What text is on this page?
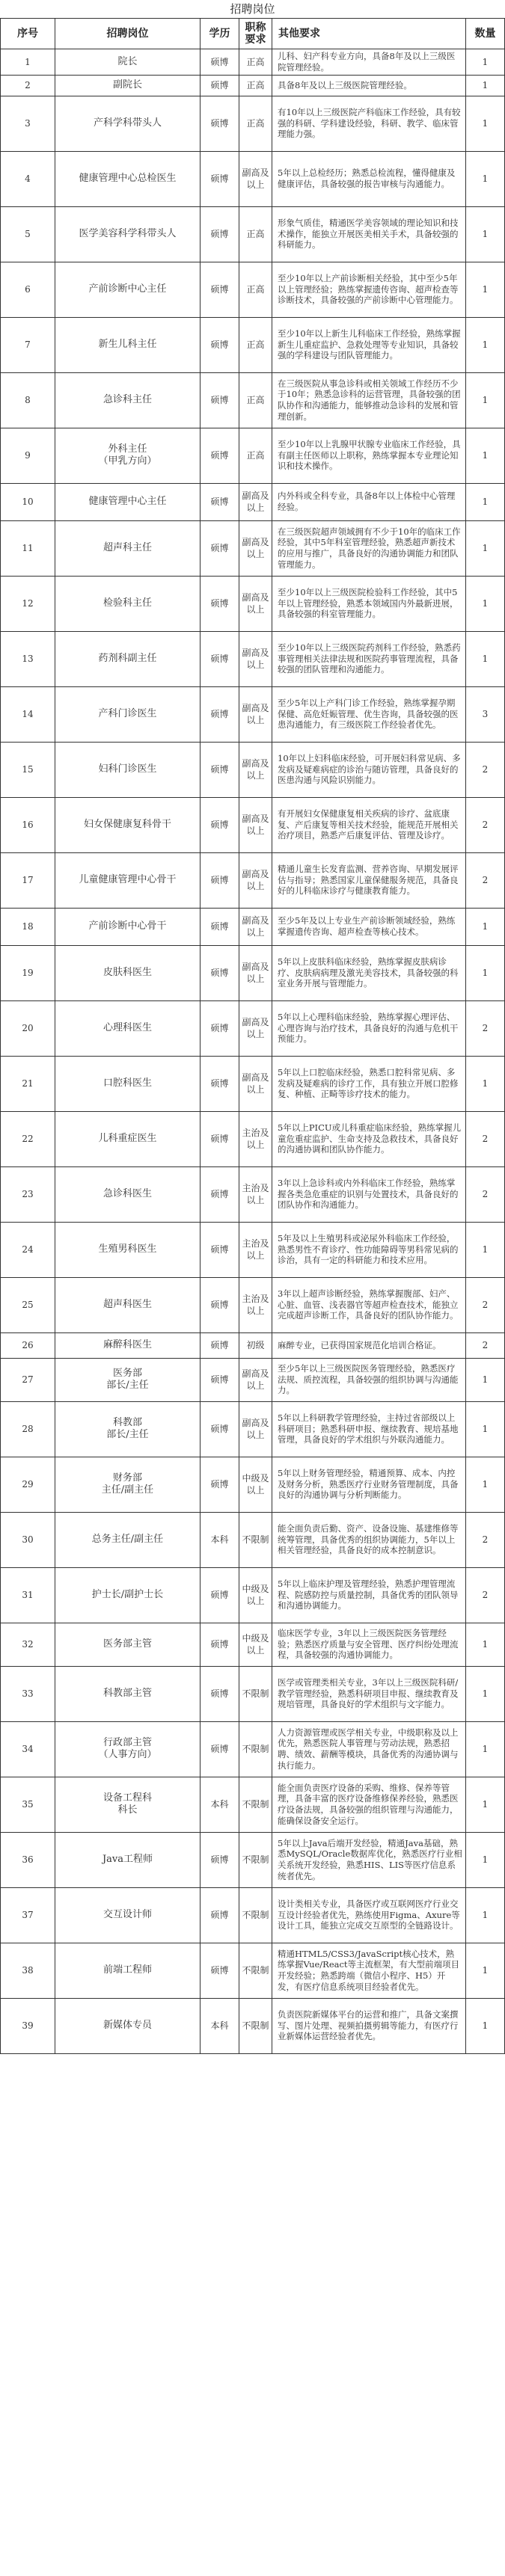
招聘岗位
序号	招聘岗位	学历	职称要求	其他要求	数量
1	院长	硕博	正高	儿科、妇产科专业方向，具备8年及以上三级医院管理经验。	1
2	副院长	硕博	正高	具备8年及以上三级医院管理经验。	1
3	产科学科带头人	硕博	正高	有10年以上三级医院产科临床工作经验，具有较强的科研、学科建设经验，科研、教学、临床管理能力强。	1
4	健康管理中心总检医生	硕博	副高及以上	5年以上总检经历；熟悉总检流程，懂得健康及健康评估，具备较强的报告审核与沟通能力。	1
5	医学美容科学科带头人	硕博	正高	形象气质佳，精通医学美容领域的理论知识和技术操作，能独立开展医美相关手术，具备较强的科研能力。	1
6	产前诊断中心主任	硕博	正高	至少10年以上产前诊断相关经验，其中至少5年以上管理经验；熟练掌握遗传咨询、超声检查等诊断技术，具备较强的产前诊断中心管理能力。	1
7	新生儿科主任	硕博	正高	至少10年以上新生儿科临床工作经验，熟练掌握新生儿重症监护、急救处理等专业知识，具备较强的学科建设与团队管理能力。	1
8	急诊科主任	硕博	正高	在三级医院从事急诊科或相关领域工作经历不少于10年；熟悉急诊科的运营管理，具备较强的团队协作和沟通能力，能够推动急诊科的发展和管理创新。	1
9	外科主任
（甲乳方向）	硕博	正高	至少10年以上乳腺甲状腺专业临床工作经验，具有副主任医师以上职称，熟练掌握本专业理论知识和技术操作。	1
10	健康管理中心主任	硕博	副高及以上	内外科或全科专业，具备8年以上体检中心管理经验。	1
11	超声科主任	硕博	副高及以上	在三级医院超声领域拥有不少于10年的临床工作经验，其中5年科室管理经验，熟悉超声新技术的应用与推广，具备良好的沟通协调能力和团队管理能力。	1
12	检验科主任	硕博	副高及以上	至少10年以上三级医院检验科工作经验，其中5年以上管理经验，熟悉本领域国内外最新进展，具备较强的科室管理能力。	1
13	药剂科副主任	硕博	副高及以上	至少10年以上三级医院药剂科工作经验，熟悉药事管理相关法律法规和医院药事管理流程，具备较强的团队管理和沟通能力。	1
14	产科门诊医生	硕博	副高及以上	至少5年以上产科门诊工作经验，熟练掌握孕期保健、高危妊娠管理、优生咨询，具备较强的医患沟通能力，有三级医院工作经验者优先。	3
15	妇科门诊医生	硕博	副高及以上	10年以上妇科临床经验，可开展妇科常见病、多发病及疑难病症的诊治与随访管理，具备良好的医患沟通与风险识别能力。	2
16	妇女保健康复科骨干	硕博	副高及以上	有开展妇女保健康复相关疾病的诊疗、盆底康复、产后康复等相关技术经验，能规范开展相关治疗项目，熟悉产后康复评估、管理及诊疗。	2
17	儿童健康管理中心骨干	硕博	副高及以上	精通儿童生长发育监测、营养咨询、早期发展评估与指导；熟悉国家儿童保健服务规范，具备良好的儿科临床诊疗与健康教育能力。	2
18	产前诊断中心骨干	硕博	副高及以上	至少5年及以上专业生产前诊断领域经验，熟练掌握遗传咨询、超声检查等核心技术。	1
19	皮肤科医生	硕博	副高及以上	5年以上皮肤科临床经验，熟练掌握皮肤病诊疗、皮肤病病理及激光美容技术，具备较强的科室业务开展与管理能力。	1
20	心理科医生	硕博	副高及以上	5年以上心理科临床经验，熟练掌握心理评估、心理咨询与治疗技术，具备良好的沟通与危机干预能力。	2
21	口腔科医生	硕博	副高及以上	5年以上口腔临床经验，熟悉口腔科常见病、多发病及疑难病的诊疗工作，具有独立开展口腔修复、种植、正畸等诊疗技术的能力。	1
22	儿科重症医生	硕博	主治及以上	5年以上PICU或儿科重症临床经验，熟练掌握儿童危重症监护、生命支持及急救技术，具备良好的沟通协调和团队协作能力。	2
23	急诊科医生	硕博	主治及以上	3年以上急诊科或内外科临床工作经验，熟练掌握各类急危重症的识别与处置技术，具备良好的团队协作和沟通能力。	2
24	生殖男科医生	硕博	主治及以上	5年及以上生殖男科或泌尿外科临床工作经验，熟悉男性不育诊疗、性功能障碍等男科常见病的诊治，具有一定的科研能力和技术应用。	1
25	超声科医生	硕博	主治及以上	3年以上超声诊断经验，熟练掌握腹部、妇产、心脏、血管、浅表器官等超声检查技术，能独立完成超声诊断工作，具备良好的团队协作能力。	2
26	麻醉科医生	硕博	初级	麻醉专业，已获得国家规范化培训合格证。	2
27	医务部
部长/主任	硕博	副高及以上	至少5年以上三级医院医务管理经验，熟悉医疗法规、质控流程，具备较强的组织协调与沟通能力。	1
28	科教部
部长/主任	硕博	副高及以上	5年以上科研教学管理经验，主持过省部级以上科研项目；熟悉科研申报、继续教育、规培基地管理，具备良好的学术组织与外联沟通能力。	1
29	财务部
主任/副主任	硕博	中级及以上	5年以上财务管理经验，精通预算、成本、内控及财务分析，熟悉医疗行业财务管理制度，具备良好的沟通协调与分析判断能力。	1
30	总务主任/副主任	本科	不限制	能全面负责后勤、资产、设备设施、基建维修等统筹管理，具备优秀的组织协调能力，5年以上相关管理经验，具备良好的成本控制意识。	2
31	护士长/副护士长	硕博	中级及以上	5年以上临床护理及管理经验，熟悉护理管理流程、院感防控与质量控制，具备优秀的团队领导和沟通协调能力。	2
32	医务部主管	硕博	中级及以上	临床医学专业，3年以上三级医院医务管理经验；熟悉医疗质量与安全管理、医疗纠纷处理流程，具备较强的沟通协调能力。	1
33	科教部主管	硕博	不限制	医学或管理类相关专业，3年以上三级医院科研/教学管理经验，熟悉科研项目申报、继续教育及规培管理，具备良好的学术组织与文字能力。	1
34	行政部主管
（人事方向）	硕博	不限制	人力资源管理或医学相关专业，中级职称及以上优先，熟悉医院人事管理与劳动法规，熟悉招聘、绩效、薪酬等模块，具备优秀的沟通协调与执行能力。	1
35	设备工程科
科长	本科	不限制	能全面负责医疗设备的采购、维修、保养等管理，具备丰富的医疗设备维修保养经验，熟悉医疗设备法规，具备较强的组织管理与沟通能力，能确保设备安全运行。	1
36	Java工程师	硕博	不限制	5年以上Java后端开发经验，精通Java基础，熟悉MySQL/Oracle数据库优化，熟悉医疗行业相关系统开发经验，熟悉HIS、LIS等医疗信息系统者优先。	1
37	交互设计师	硕博	不限制	设计类相关专业，具备医疗或互联网医疗行业交互设计经验者优先，熟练使用Figma、Axure等设计工具，能独立完成交互原型的全链路设计。	1
38	前端工程师	硕博	不限制	精通HTML5/CSS3/JavaScript核心技术，熟练掌握Vue/React等主流框架，有大型前端项目开发经验；熟悉跨端（微信小程序、H5）开发，有医疗信息系统项目经验者优先。	1
39	新媒体专员	本科	不限制	负责医院新媒体平台的运营和推广，具备文案撰写、图片处理、视频拍摄剪辑等能力，有医疗行业新媒体运营经验者优先。	1
